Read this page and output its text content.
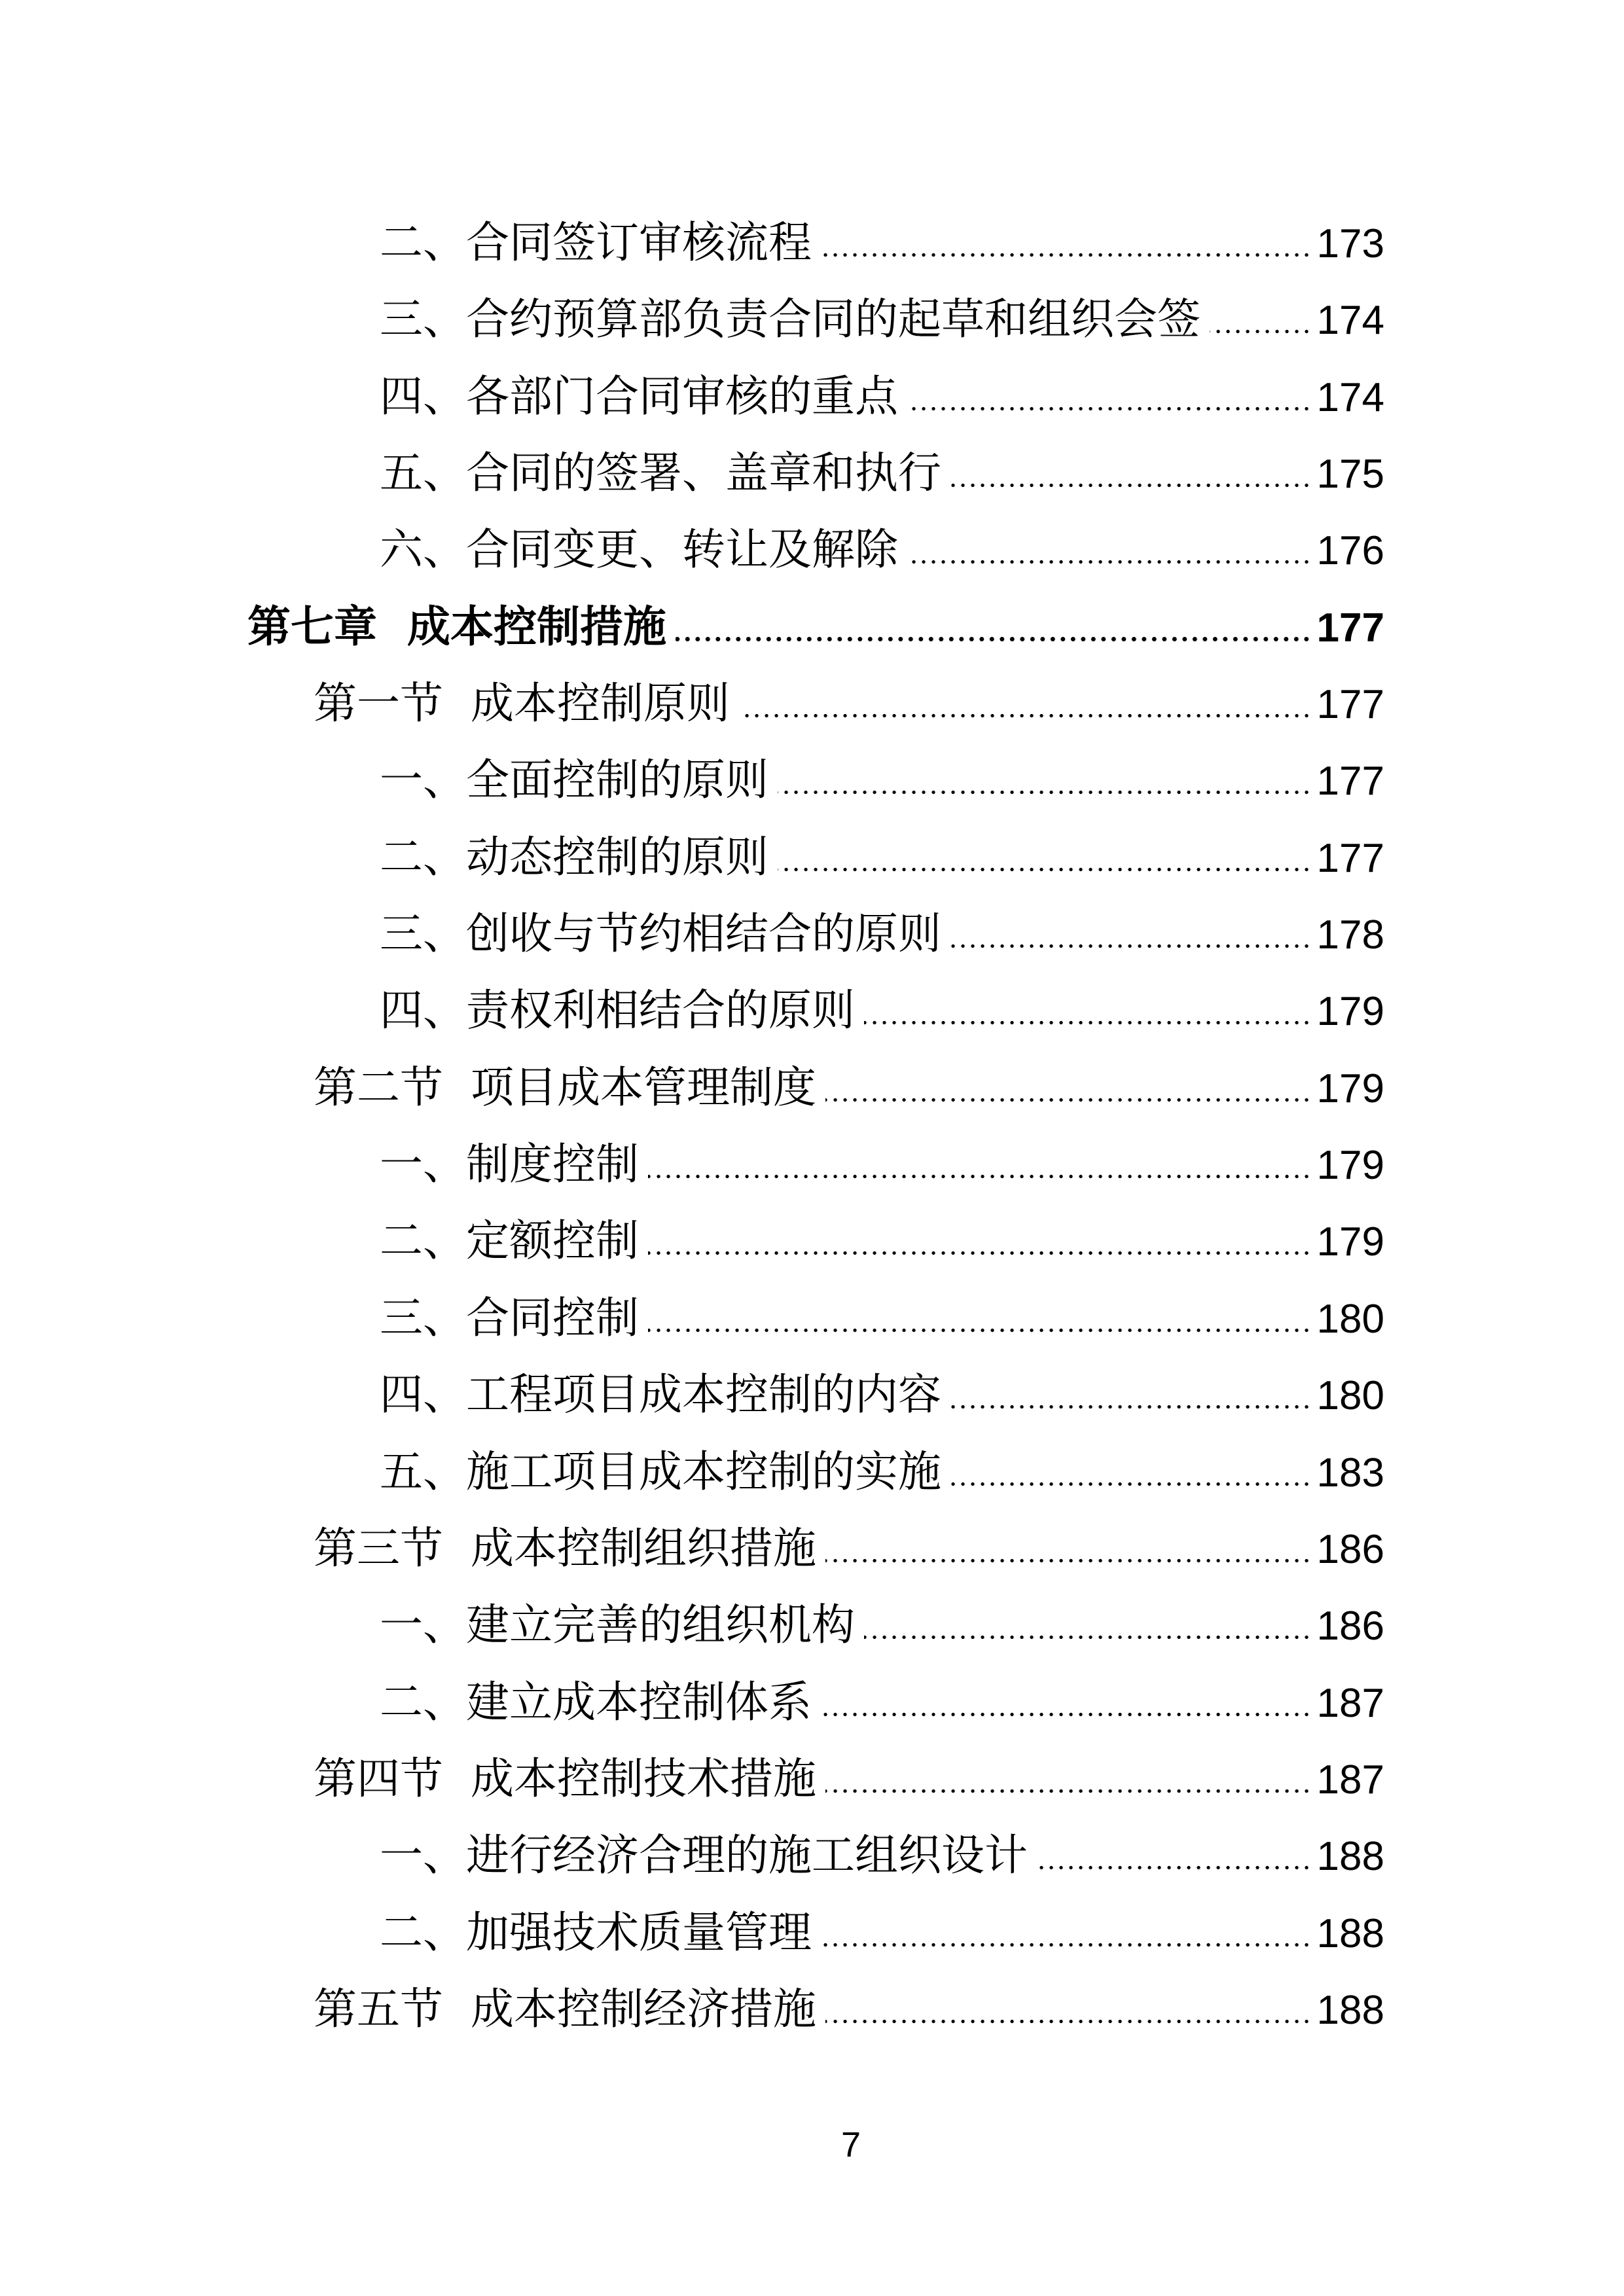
二、合同签订审核流程	173
三、合约预算部负责合同的起草和组织会签	174
四、各部门合同审核的重点	174
五、合同的签署、盖章和执行	175
六、合同变更、转让及解除	176
第七章  成本控制措施	177
第一节  成本控制原则	177
一、全面控制的原则	177
二、动态控制的原则	177
三、创收与节约相结合的原则	178
四、责权利相结合的原则	179
第二节  项目成本管理制度	179
一、制度控制	179
二、定额控制	179
三、合同控制	180
四、工程项目成本控制的内容	180
五、施工项目成本控制的实施	183
第三节  成本控制组织措施	186
一、建立完善的组织机构	186
二、建立成本控制体系	187
第四节  成本控制技术措施	187
一、进行经济合理的施工组织设计	188
二、加强技术质量管理	188
第五节  成本控制经济措施	188
7
